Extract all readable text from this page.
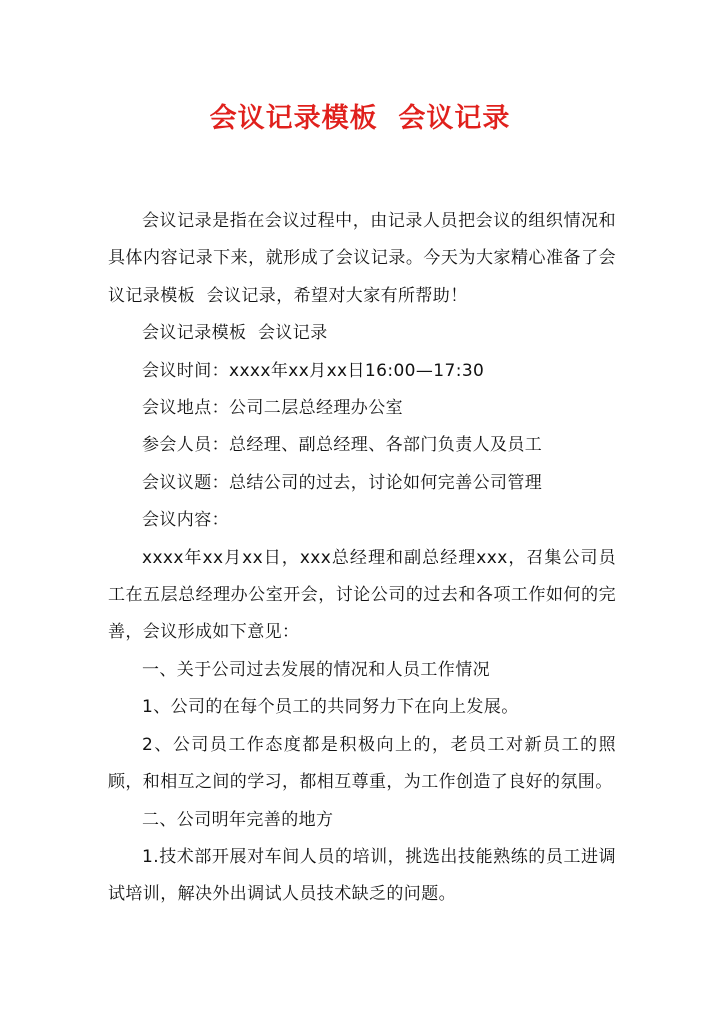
会议记录模板  会议记录

会议记录是指在会议过程中，由记录人员把会议的组织情况和具体内容记录下来，就形成了会议记录。今天为大家精心准备了会议记录模板  会议记录，希望对大家有所帮助！

会议记录模板  会议记录

会议时间：xxxx年xx月xx日16:00—17:30

会议地点：公司二层总经理办公室

参会人员：总经理、副总经理、各部门负责人及员工

会议议题：总结公司的过去，讨论如何完善公司管理

会议内容：

xxxx年xx月xx日，xxx总经理和副总经理xxx，召集公司员工在五层总经理办公室开会，讨论公司的过去和各项工作如何的完善，会议形成如下意见：

一、关于公司过去发展的情况和人员工作情况

1、公司的在每个员工的共同努力下在向上发展。

2、公司员工作态度都是积极向上的，老员工对新员工的照顾，和相互之间的学习，都相互尊重，为工作创造了良好的氛围。

二、公司明年完善的地方

1.技术部开展对车间人员的培训，挑选出技能熟练的员工进调试培训，解决外出调试人员技术缺乏的问题。
